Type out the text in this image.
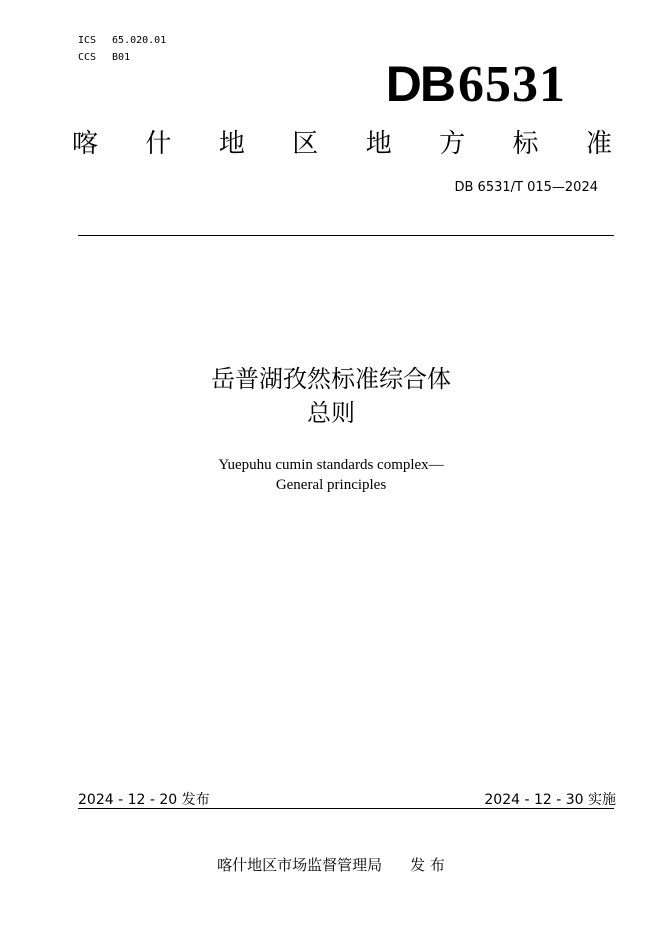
ICS 65.020.01
CCS B01	DB6531
喀 什 地 区 地 方 标 准
DB 6531/T 015—2024
岳普湖孜然标准综合体
总则
Yuepuhu cumin standards complex—
General principles
2024 - 12 - 20 发布	2024 - 12 - 30 实施
喀什地区市场监督管理局 发 布
